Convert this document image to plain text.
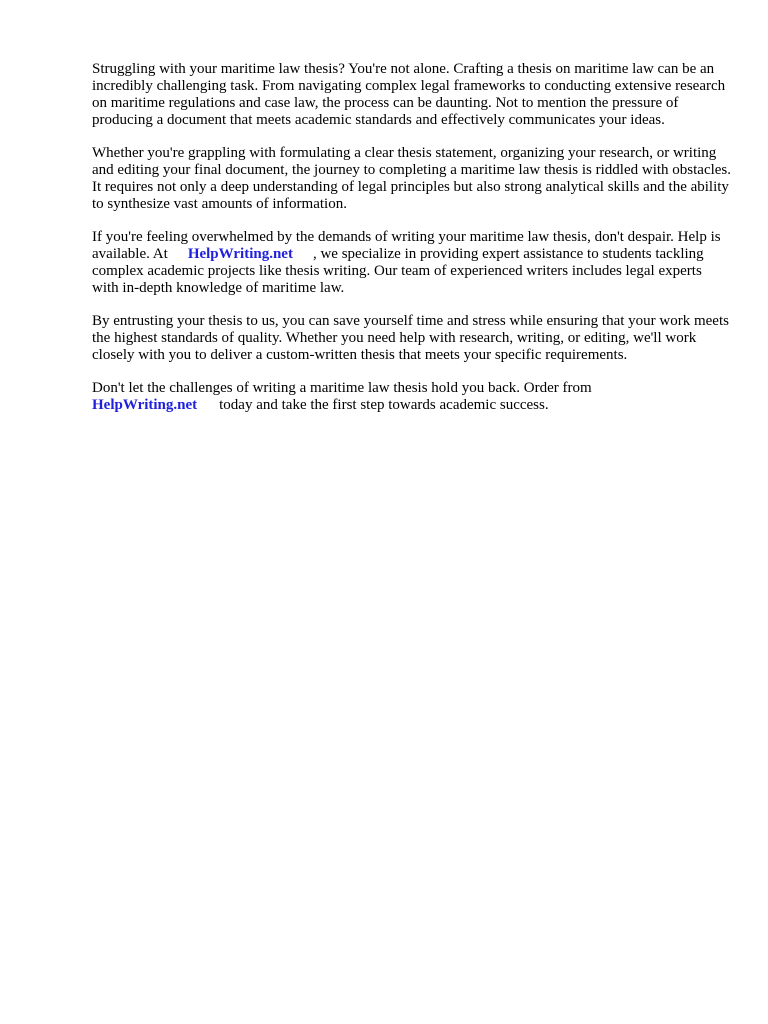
Struggling with your maritime law thesis? You're not alone. Crafting a thesis on maritime law can be an incredibly challenging task. From navigating complex legal frameworks to conducting extensive research on maritime regulations and case law, the process can be daunting. Not to mention the pressure of producing a document that meets academic standards and effectively communicates your ideas.

Whether you're grappling with formulating a clear thesis statement, organizing your research, or writing and editing your final document, the journey to completing a maritime law thesis is riddled with obstacles. It requires not only a deep understanding of legal principles but also strong analytical skills and the ability to synthesize vast amounts of information.

If you're feeling overwhelmed by the demands of writing your maritime law thesis, don't despair. Help is available. At HelpWriting.net , we specialize in providing expert assistance to students tackling complex academic projects like thesis writing. Our team of experienced writers includes legal experts with in-depth knowledge of maritime law.

By entrusting your thesis to us, you can save yourself time and stress while ensuring that your work meets the highest standards of quality. Whether you need help with research, writing, or editing, we'll work closely with you to deliver a custom-written thesis that meets your specific requirements.

Don't let the challenges of writing a maritime law thesis hold you back. Order from
HelpWriting.net today and take the first step towards academic success.
